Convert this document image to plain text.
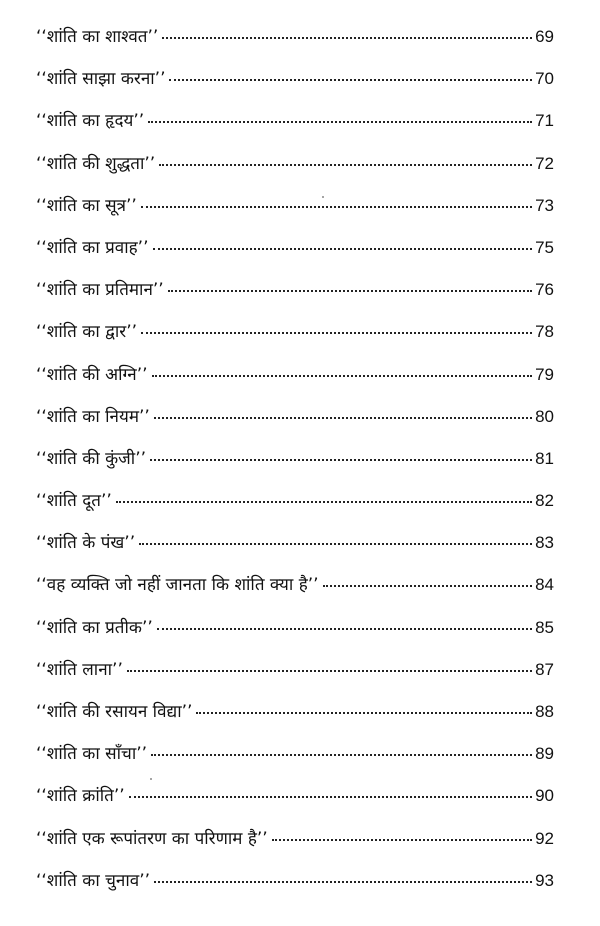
‘‘शांति का शाश्वत’’	69
‘‘शांति साझा करना’’	70
‘‘शांति का हृदय’’	71
‘‘शांति की शुद्धता’’	72
‘‘शांति का सूत्र’’	73
‘‘शांति का प्रवाह’’	75
‘‘शांति का प्रतिमान’’	76
‘‘शांति का द्वार’’	78
‘‘शांति की अग्नि’’	79
‘‘शांति का नियम’’	80
‘‘शांति की कुंजी’’	81
‘‘शांति दूत’’	82
‘‘शांति के पंख’’	83
‘‘वह व्यक्ति जो नहीं जानता कि शांति क्या है’’	84
‘‘शांति का प्रतीक’’	85
‘‘शांति लाना’’	87
‘‘शांति की रसायन विद्या’’	88
‘‘शांति का साँचा’’	89
‘‘शांति क्रांति’’	90
‘‘शांति एक रूपांतरण का परिणाम है’’	92
‘‘शांति का चुनाव’’	93
